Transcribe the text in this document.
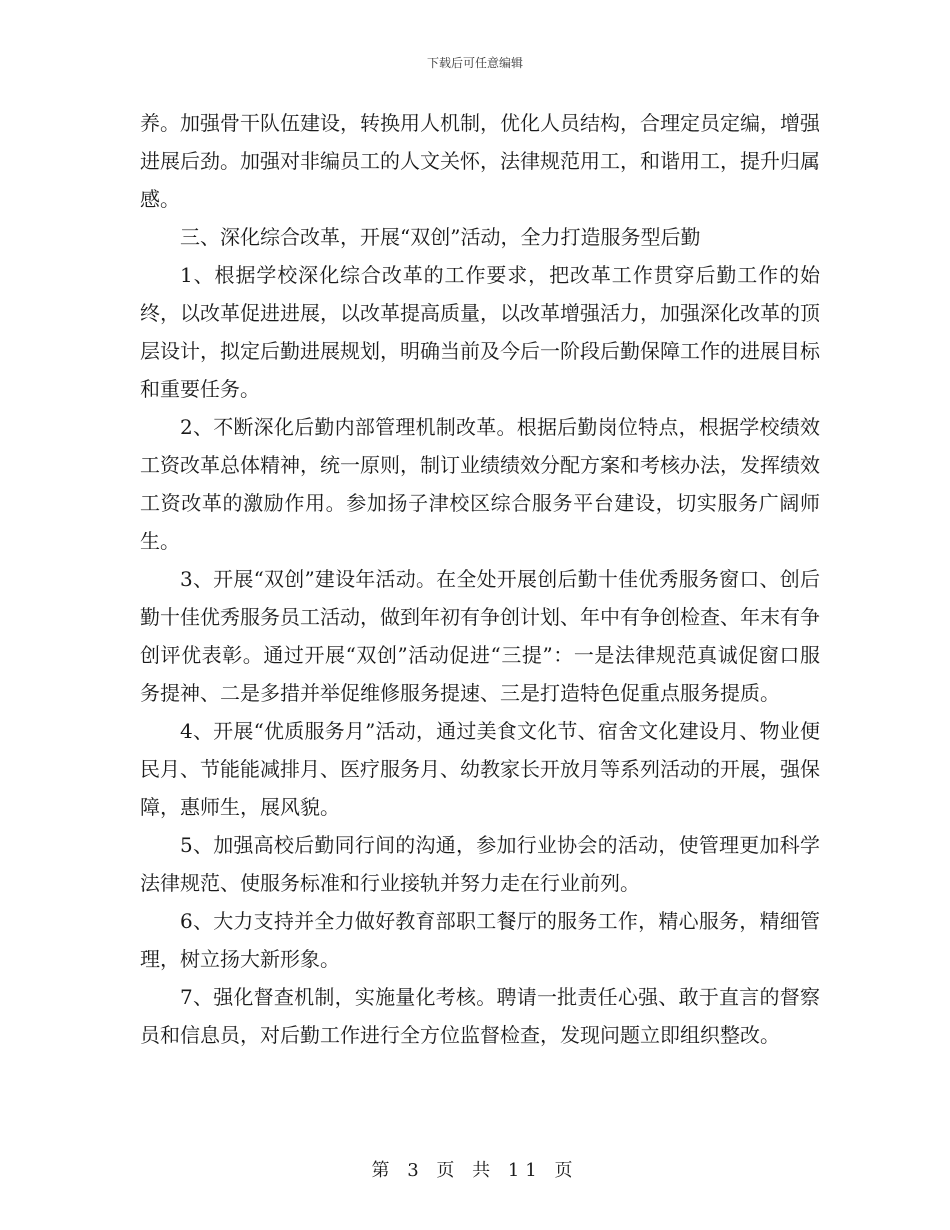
下载后可任意编辑

养。加强骨干队伍建设，转换用人机制，优化人员结构，合理定员定编，增强进展后劲。加强对非编员工的人文关怀，法律规范用工，和谐用工，提升归属感。

三、深化综合改革，开展“双创”活动，全力打造服务型后勤

1、根据学校深化综合改革的工作要求，把改革工作贯穿后勤工作的始终，以改革促进进展，以改革提高质量，以改革增强活力，加强深化改革的顶层设计，拟定后勤进展规划，明确当前及今后一阶段后勤保障工作的进展目标和重要任务。

2、不断深化后勤内部管理机制改革。根据后勤岗位特点，根据学校绩效工资改革总体精神，统一原则，制订业绩绩效分配方案和考核办法，发挥绩效工资改革的激励作用。参加扬子津校区综合服务平台建设，切实服务广阔师生。

3、开展“双创”建设年活动。在全处开展创后勤十佳优秀服务窗口、创后勤十佳优秀服务员工活动，做到年初有争创计划、年中有争创检查、年末有争创评优表彰。通过开展“双创”活动促进“三提”：一是法律规范真诚促窗口服务提神、二是多措并举促维修服务提速、三是打造特色促重点服务提质。

4、开展“优质服务月”活动，通过美食文化节、宿舍文化建设月、物业便民月、节能能减排月、医疗服务月、幼教家长开放月等系列活动的开展，强保障，惠师生，展风貌。

5、加强高校后勤同行间的沟通，参加行业协会的活动，使管理更加科学法律规范、使服务标准和行业接轨并努力走在行业前列。

6、大力支持并全力做好教育部职工餐厅的服务工作，精心服务，精细管理，树立扬大新形象。

7、强化督查机制，实施量化考核。聘请一批责任心强、敢于直言的督察员和信息员，对后勤工作进行全方位监督检查，发现问题立即组织整改。

第 3 页 共 11 页
